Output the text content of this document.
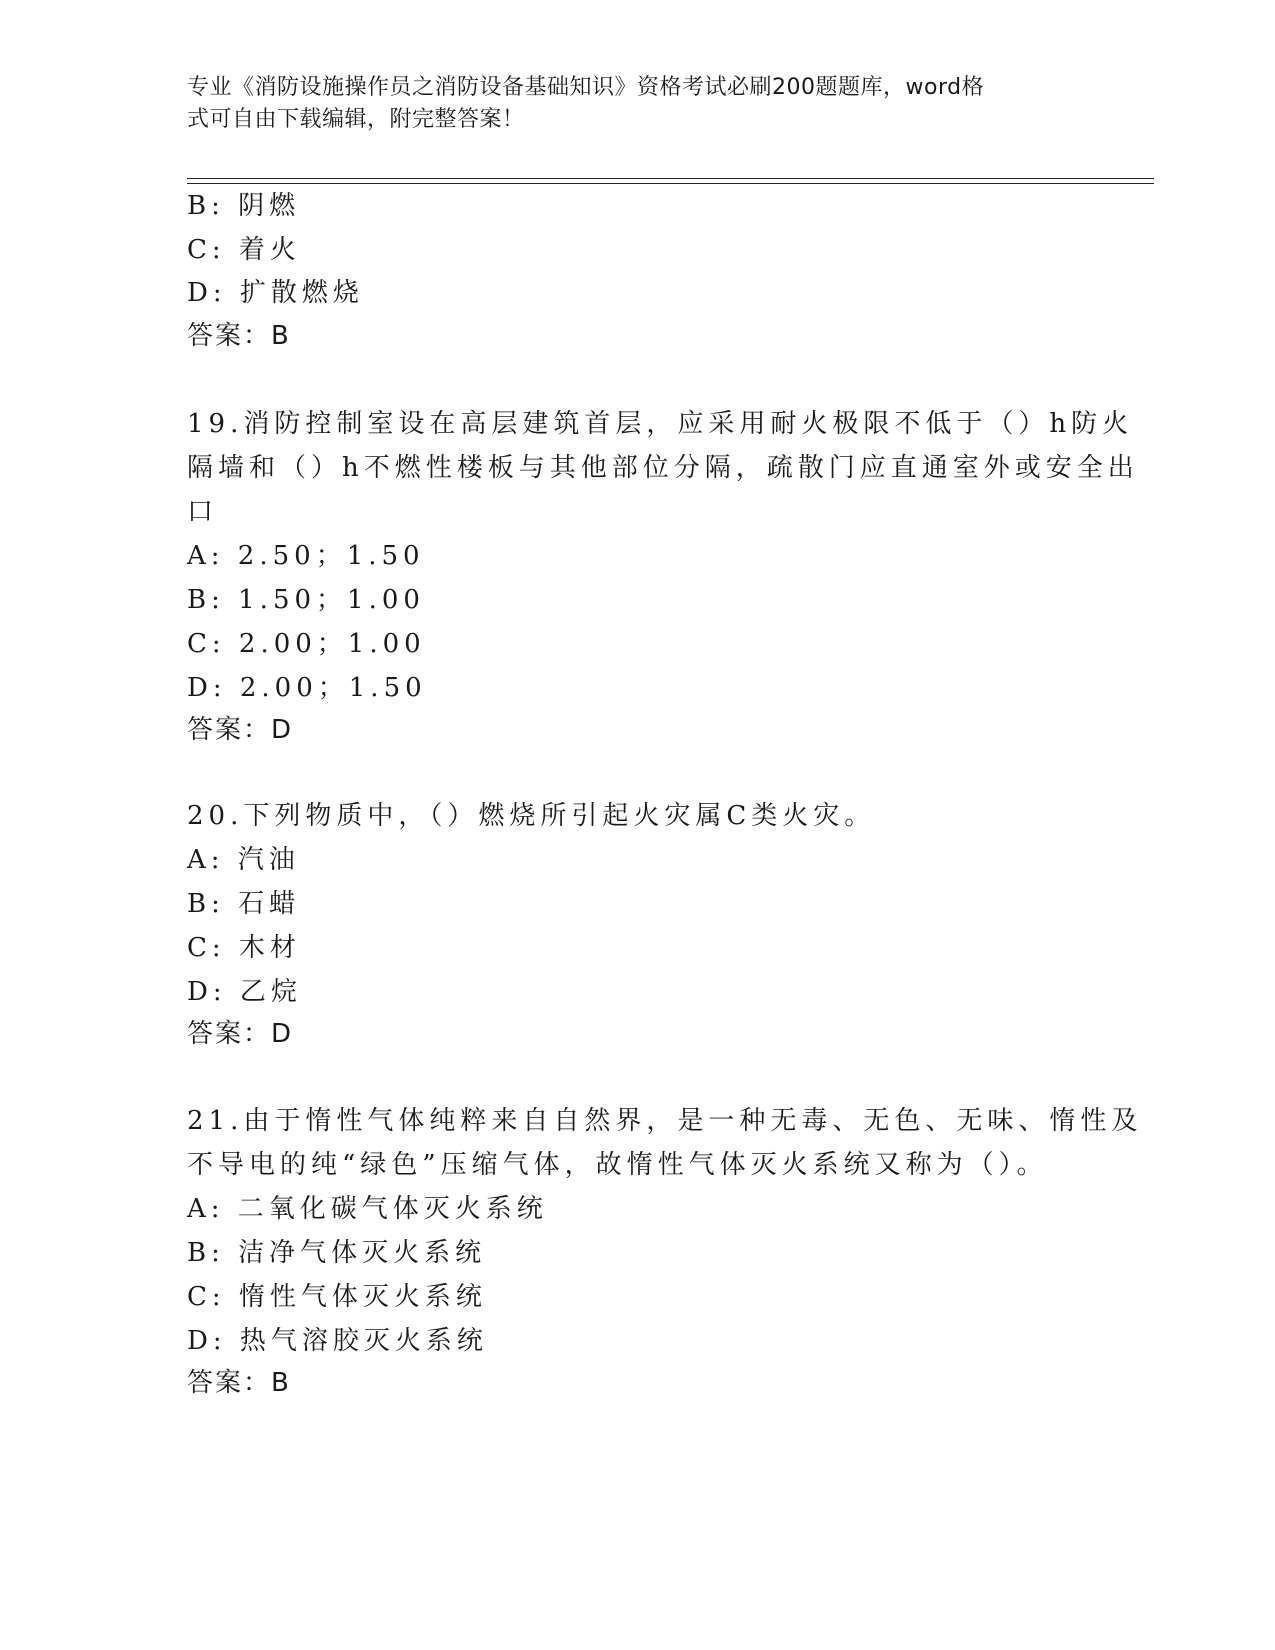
专业《消防设施操作员之消防设备基础知识》资格考试必刷200题题库，word格
式可自由下载编辑，附完整答案！
B: 阴燃
C: 着火
D: 扩散燃烧
答案：B
19.消防控制室设在高层建筑首层，应采用耐火极限不低于（）h防火
隔墙和（）h不燃性楼板与其他部位分隔，疏散门应直通室外或安全出
口
A: 2.50；1.50
B: 1.50；1.00
C: 2.00；1.00
D: 2.00；1.50
答案：D
20.下列物质中，（）燃烧所引起火灾属C类火灾。
A: 汽油
B: 石蜡
C: 木材
D: 乙烷
答案：D
21.由于惰性气体纯粹来自自然界，是一种无毒、无色、无味、惰性及
不导电的纯“绿色”压缩气体，故惰性气体灭火系统又称为（）。
A: 二氧化碳气体灭火系统
B: 洁净气体灭火系统
C: 惰性气体灭火系统
D: 热气溶胶灭火系统
答案：B
